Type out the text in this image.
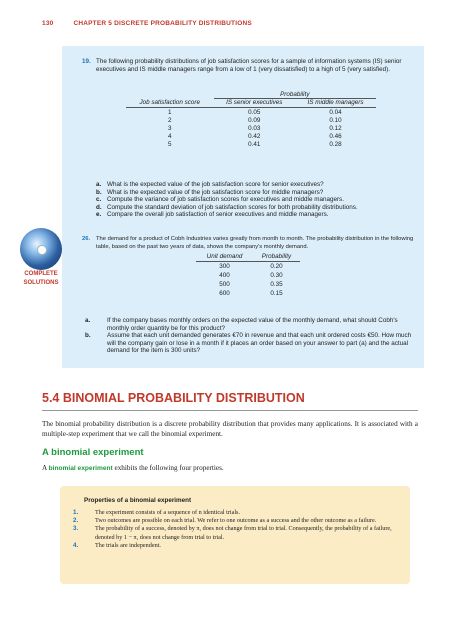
130	CHAPTER 5 DISCRETE PROBABILITY DISTRIBUTIONS
19. The following probability distributions of job satisfaction scores for a sample of information systems (IS) senior executives and IS middle managers range from a low of 1 (very dissatisfied) to a high of 5 (very satisfied).
	Probability	
Job satisfaction score	IS senior executives	IS middle managers
1	0.05	0.04
2	0.09	0.10
3	0.03	0.12
4	0.42	0.46
5	0.41	0.28
a. What is the expected value of the job satisfaction score for senior executives?
b. What is the expected value of the job satisfaction score for middle managers?
c. Compute the variance of job satisfaction scores for executives and middle managers.
d. Compute the standard deviation of job satisfaction scores for both probability distributions.
e. Compare the overall job satisfaction of senior executives and middle managers.
COMPLETE
SOLUTIONS
26. The demand for a product of Cobh Industries varies greatly from month to month. The probability distribution in the following table, based on the past two years of data, shows the company's monthly demand.
Unit demand	Probability
300	0.20
400	0.30
500	0.35
600	0.15
a.	If the company bases monthly orders on the expected value of the monthly demand, what should Cobh's monthly order quantity be for this product?
b.	Assume that each unit demanded generates €70 in revenue and that each unit ordered costs €50. How much will the company gain or lose in a month if it places an order based on your answer to part (a) and the actual demand for the item is 300 units?
5.4 BINOMIAL PROBABILITY DISTRIBUTION
The binomial probability distribution is a discrete probability distribution that provides many applications. It is associated with a multiple-step experiment that we call the binomial experiment.
A binomial experiment
A binomial experiment exhibits the following four properties.
Properties of a binomial experiment
1.	The experiment consists of a sequence of n identical trials.
2.	Two outcomes are possible on each trial. We refer to one outcome as a success and the other outcome as a failure.
3.	The probability of a success, denoted by π, does not change from trial to trial. Consequently, the probability of a failure, denoted by 1 − π, does not change from trial to trial.
4.	The trials are independent.
